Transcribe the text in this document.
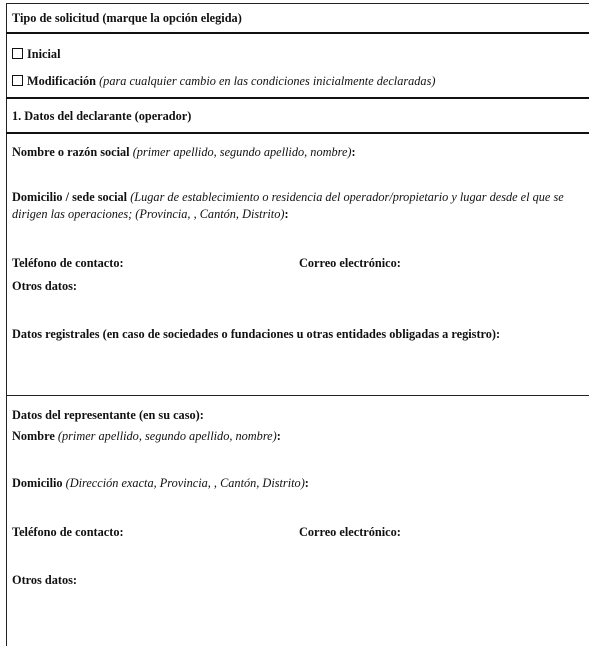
Tipo de solicitud (marque la opción elegida)
Inicial
Modificación (para cualquier cambio en las condiciones inicialmente declaradas)
1. Datos del declarante (operador)
Nombre o razón social (primer apellido, segundo apellido, nombre):
Domicilio / sede social (Lugar de establecimiento o residencia del operador/propietario y lugar desde el que se dirigen las operaciones; (Provincia, , Cantón, Distrito):
Teléfono de contacto:	Correo electrónico:
Otros datos:
Datos registrales (en caso de sociedades o fundaciones u otras entidades obligadas a registro):
Datos del representante (en su caso):
Nombre (primer apellido, segundo apellido, nombre):
Domicilio (Dirección exacta, Provincia, , Cantón, Distrito):
Teléfono de contacto:	Correo electrónico:
Otros datos:
